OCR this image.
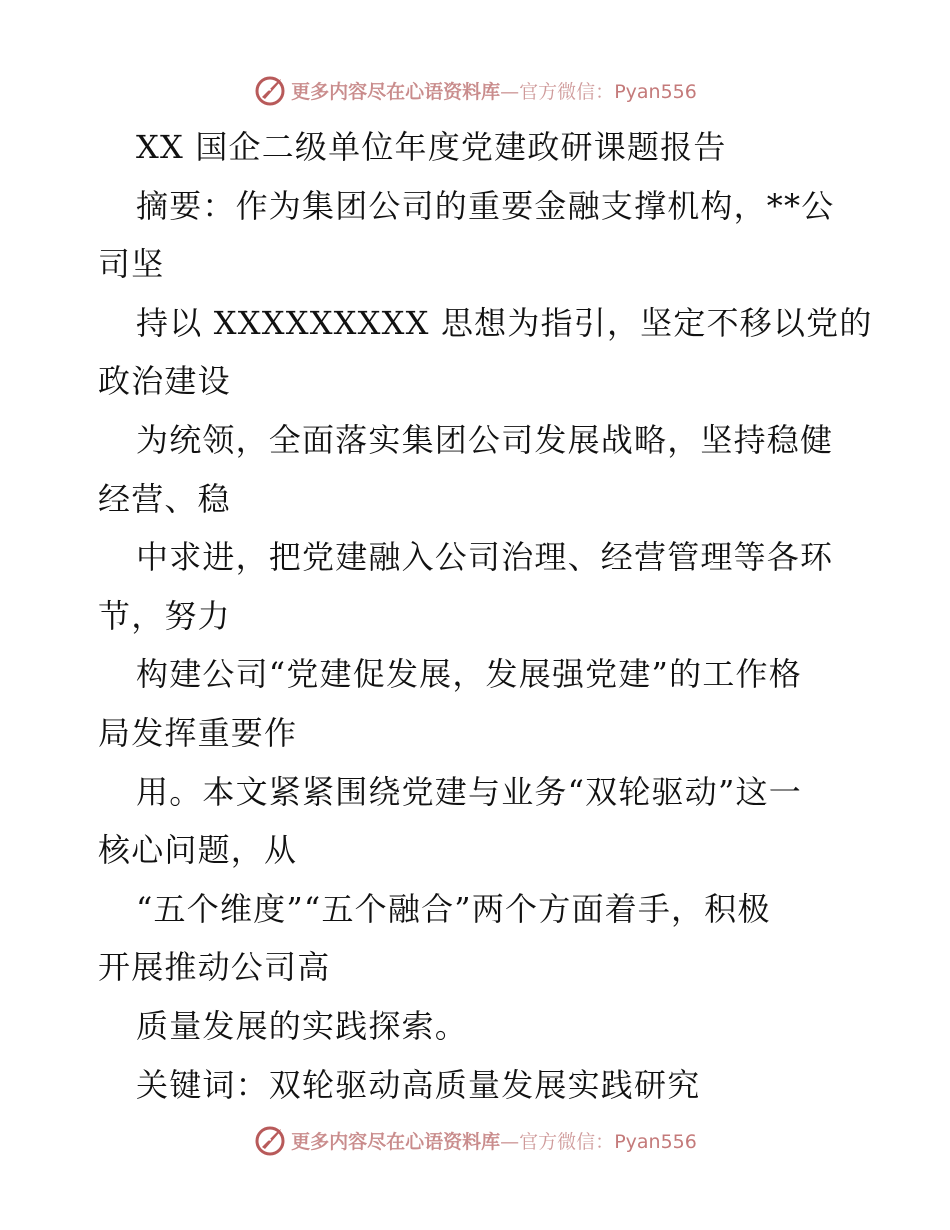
更多内容尽在心语资料库—官方微信：Pyan556
XX 国企二级单位年度党建政研课题报告
摘要：作为集团公司的重要金融支撑机构，**公
司坚
持以 XXXXXXXXX 思想为指引，坚定不移以党的
政治建设
为统领，全面落实集团公司发展战略，坚持稳健
经营、稳
中求进，把党建融入公司治理、经营管理等各环
节，努力
构建公司“党建促发展，发展强党建”的工作格
局发挥重要作
用。本文紧紧围绕党建与业务“双轮驱动”这一
核心问题，从
“五个维度”“五个融合”两个方面着手，积极
开展推动公司高
质量发展的实践探索。
关键词：双轮驱动高质量发展实践研究
更多内容尽在心语资料库—官方微信：Pyan556
